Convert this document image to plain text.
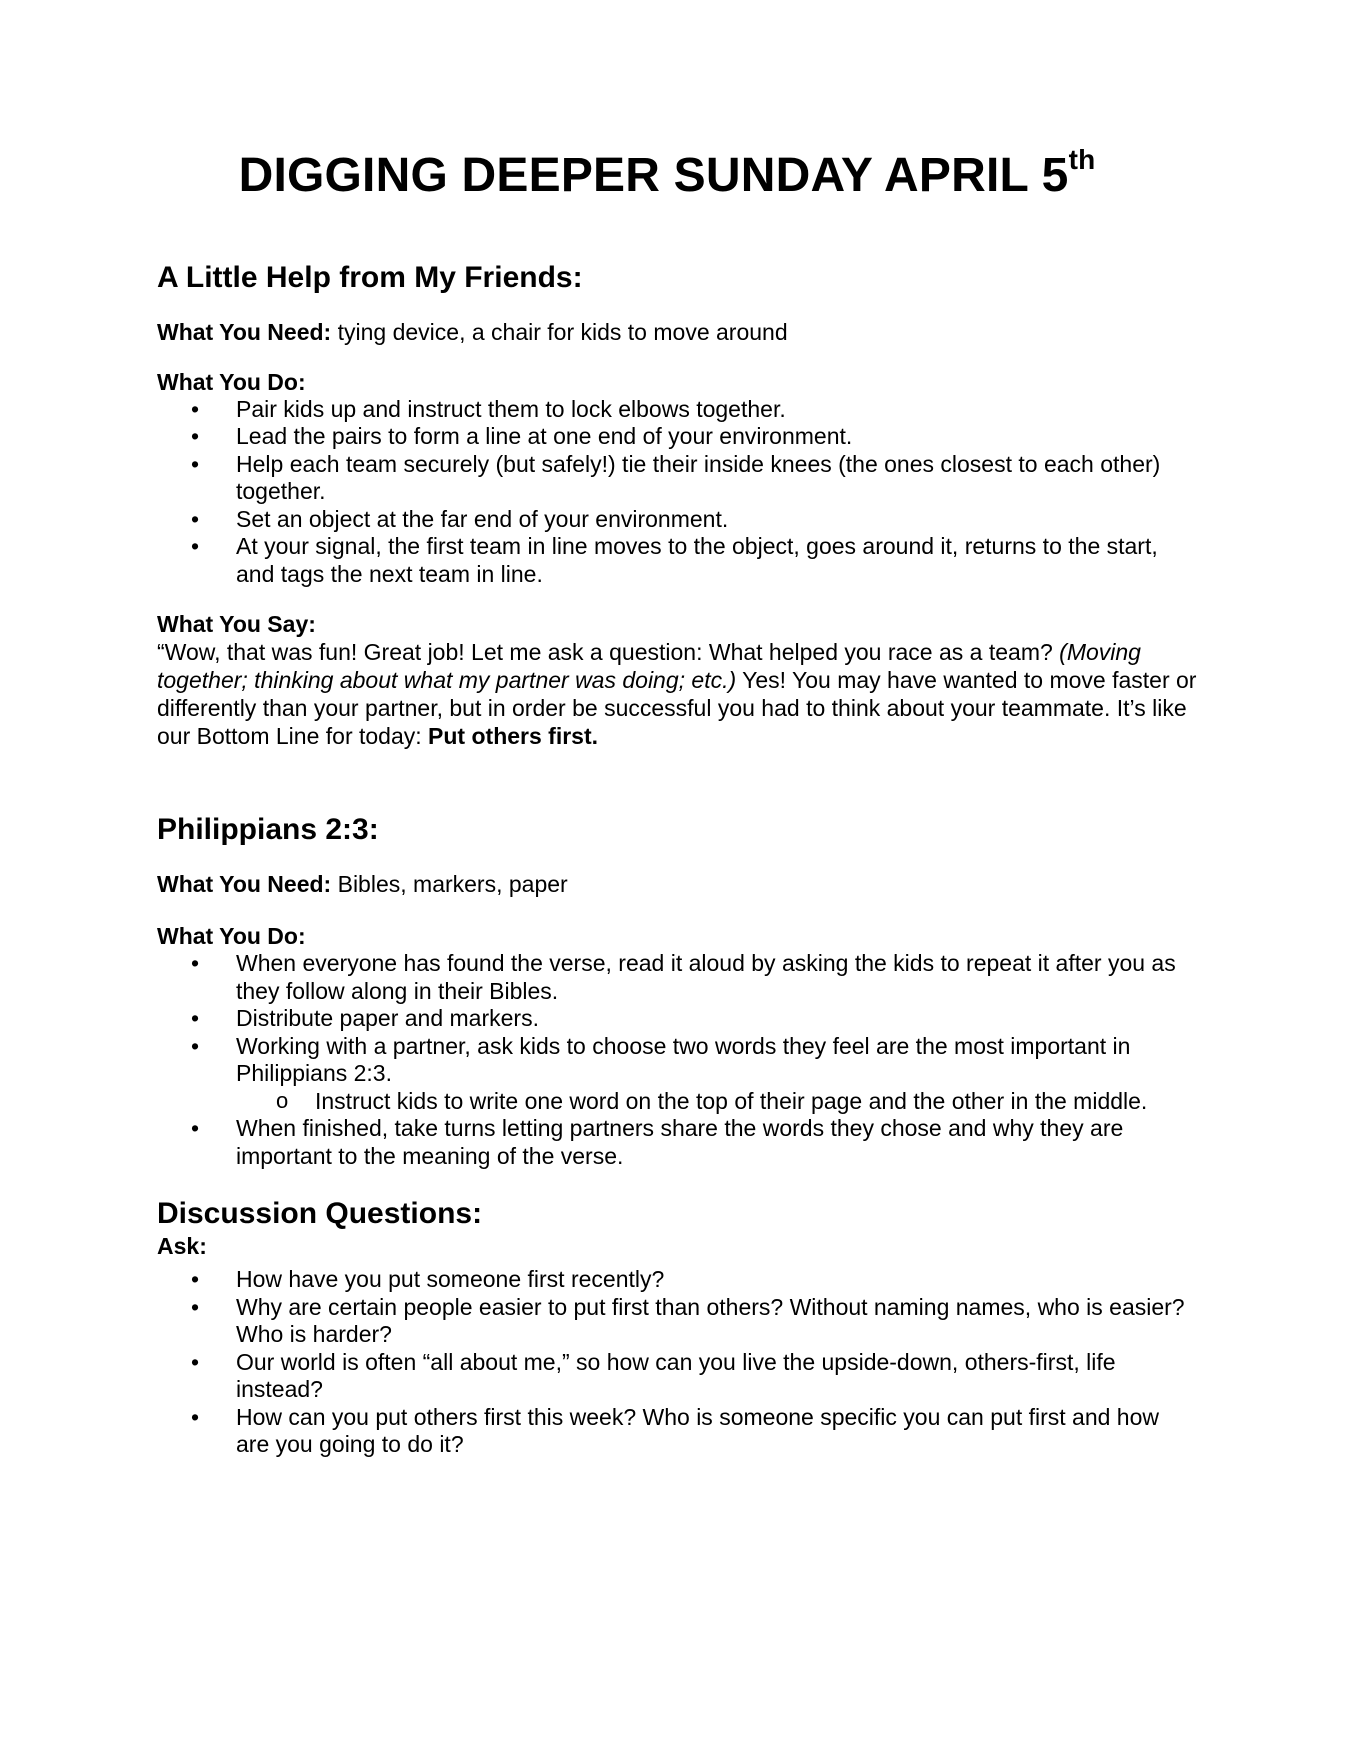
DIGGING DEEPER SUNDAY APRIL 5th
A Little Help from My Friends:

What You Need: tying device, a chair for kids to move around

What You Do:

• Pair kids up and instruct them to lock elbows together.
• Lead the pairs to form a line at one end of your environment.
• Help each team securely (but safely!) tie their inside knees (the ones closest to each other) together.
• Set an object at the far end of your environment.
• At your signal, the first team in line moves to the object, goes around it, returns to the start, and tags the next team in line.

What You Say:

“Wow, that was fun! Great job! Let me ask a question: What helped you race as a team? (Moving together; thinking about what my partner was doing; etc.) Yes! You may have wanted to move faster or differently than your partner, but in order be successful you had to think about your teammate. It’s like our Bottom Line for today: Put others first.

Philippians 2:3:

What You Need: Bibles, markers, paper

What You Do:

• When everyone has found the verse, read it aloud by asking the kids to repeat it after you as they follow along in their Bibles.
• Distribute paper and markers.
• Working with a partner, ask kids to choose two words they feel are the most important in Philippians 2:3.
o Instruct kids to write one word on the top of their page and the other in the middle.
• When finished, take turns letting partners share the words they chose and why they are important to the meaning of the verse.
Discussion Questions:

Ask:

• How have you put someone first recently?
• Why are certain people easier to put first than others? Without naming names, who is easier? Who is harder?
• Our world is often “all about me,” so how can you live the upside-down, others-first, life instead?
• How can you put others first this week? Who is someone specific you can put first and how are you going to do it?
